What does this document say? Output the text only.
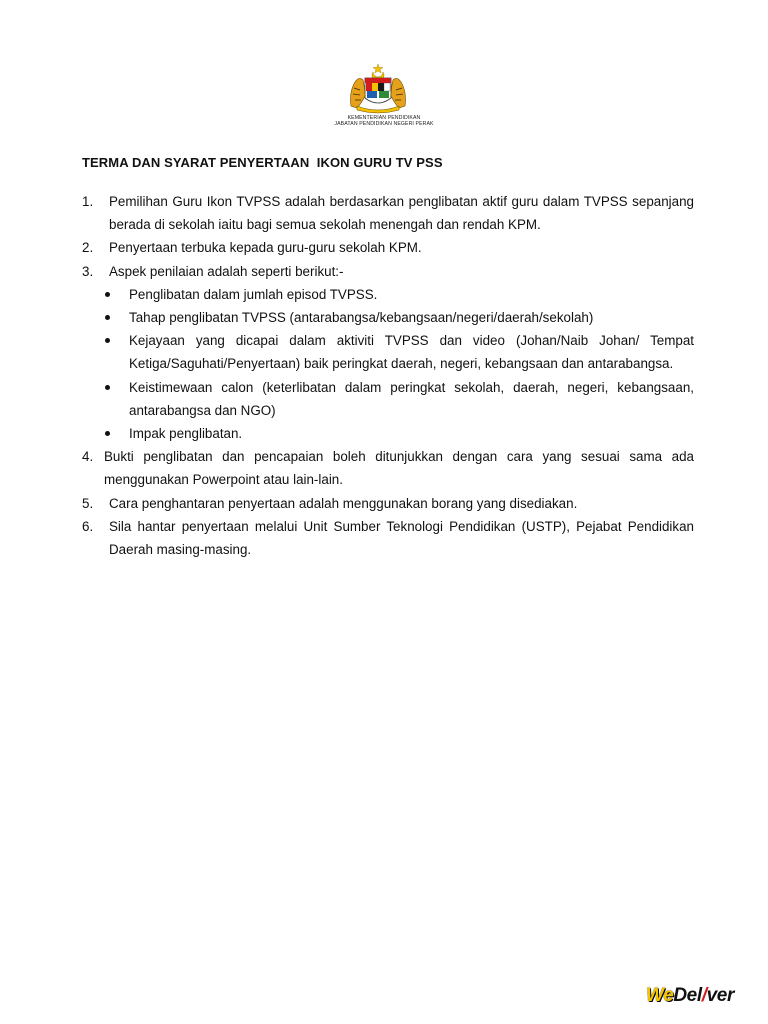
KEMENTERIAN PENDIDIKAN
JABATAN PENDIDIKAN NEGERI PERAK
TERMA DAN SYARAT PENYERTAAN  IKON GURU TV PSS
1.	Pemilihan Guru Ikon TVPSS adalah berdasarkan penglibatan aktif guru dalam TVPSS sepanjang berada di sekolah iaitu bagi semua sekolah menengah dan rendah KPM.
2.	Penyertaan terbuka kepada guru-guru sekolah KPM.
3.	Aspek penilaian adalah seperti berikut:-
Penglibatan dalam jumlah episod TVPSS.
Tahap penglibatan TVPSS (antarabangsa/kebangsaan/negeri/daerah/sekolah)
Kejayaan yang dicapai dalam aktiviti TVPSS dan video (Johan/Naib Johan/ Tempat Ketiga/Saguhati/Penyertaan) baik peringkat daerah, negeri, kebangsaan dan antarabangsa.
Keistimewaan calon (keterlibatan dalam peringkat sekolah, daerah, negeri, kebangsaan, antarabangsa dan NGO)
Impak penglibatan.
4. Bukti penglibatan dan pencapaian boleh ditunjukkan dengan cara yang sesuai sama ada menggunakan Powerpoint atau lain-lain.
5.	Cara penghantaran penyertaan adalah menggunakan borang yang disediakan.
6.	Sila hantar penyertaan melalui Unit Sumber Teknologi Pendidikan (USTP), Pejabat Pendidikan Daerah masing-masing.
WeDel/ver
